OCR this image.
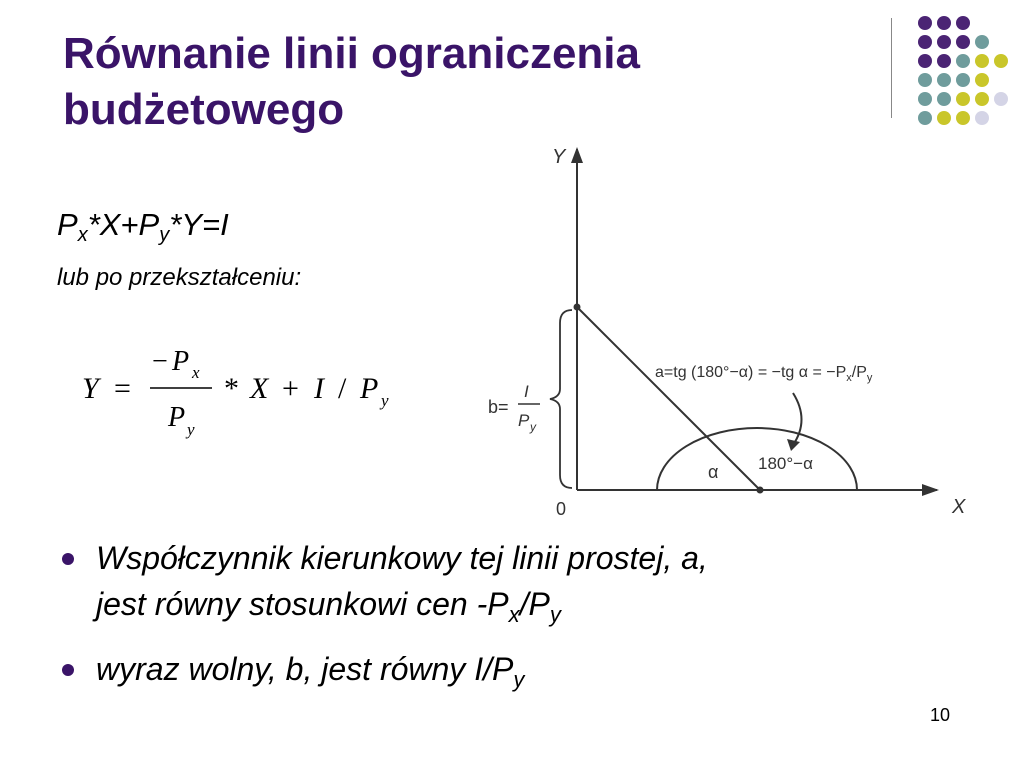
Równanie linii ograniczenia
budżetowego
$P_x*X+P_y*Y=I$
lub po przekształceniu:
Y =
− P x
P y
* X + I / P y
Y
X
0
b=
I
P y
a=tg (180°−α) = −tg $\alpha = -P_x/P_y$
α 180°−α
Współczynnik kierunkowy tej linii prostej, a,
jest równy stosunkowi cen $-P_x/P_y$
wyraz wolny, b, jest równy $I/P_y$
10
